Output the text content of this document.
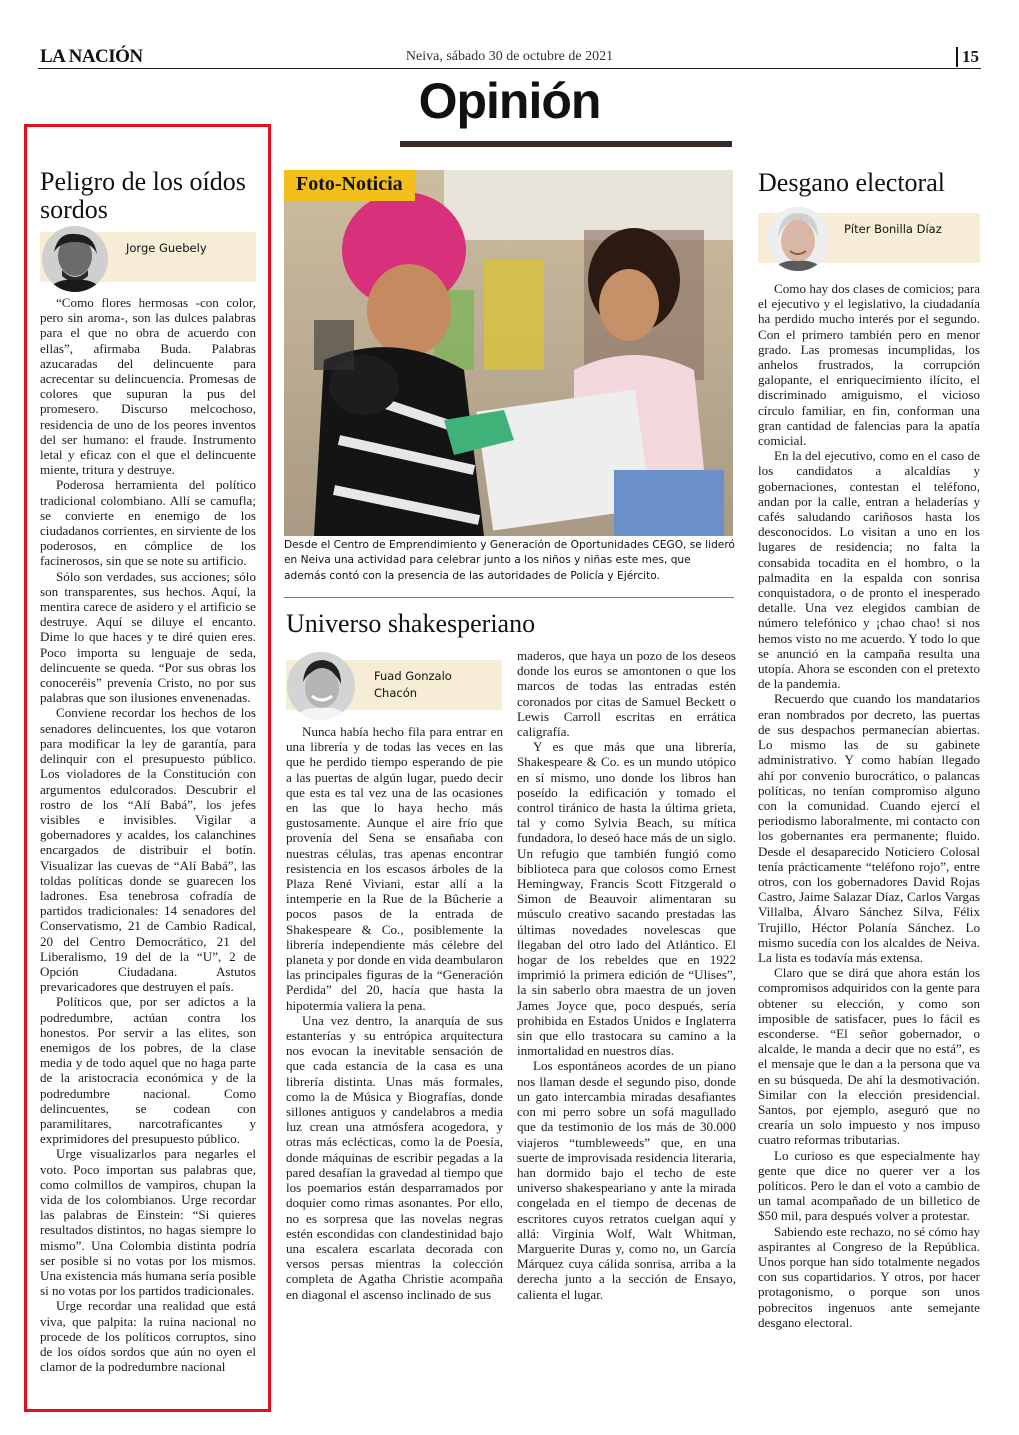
LA NACIÓN	Neiva, sábado 30 de octubre de 2021	15
Opinión
Peligro de los oídos sordos
Jorge Guebely

“Como flores hermosas -con color, pero sin aroma-, son las dulces palabras para el que no obra de acuerdo con ellas”, afirmaba Buda. Palabras azucaradas del delincuente para acrecentar su delincuencia. Promesas de colores que supuran la pus del promesero. Discurso melcochoso, residencia de uno de los peores inventos del ser humano: el fraude. Instrumento letal y eficaz con el que el delincuente miente, tritura y destruye.

Poderosa herramienta del político tradicional colombiano. Allí se camufla; se convierte en enemigo de los ciudadanos corrientes, en sirviente de los poderosos, en cómplice de los facinerosos, sin que se note su artificio.

Sólo son verdades, sus acciones; sólo son transparentes, sus hechos. Aquí, la mentira carece de asidero y el artificio se destruye. Aquí se diluye el encanto. Dime lo que haces y te diré quien eres. Poco importa su lenguaje de seda, delincuente se queda. “Por sus obras los conoceréis” prevenía Cristo, no por sus palabras que son ilusiones envenenadas.

Conviene recordar los hechos de los senadores delincuentes, los que votaron para modificar la ley de garantía, para delinquir con el presupuesto público. Los violadores de la Constitución con argumentos edulcorados. Descubrir el rostro de los “Alí Babá”, los jefes visibles e invisibles. Vigilar a gobernadores y acaldes, los calanchines encargados de distribuir el botín. Visualizar las cuevas de “Alí Babá”, las toldas políticas donde se guarecen los ladrones. Esa tenebrosa cofradía de partidos tradicionales: 14 senadores del Conservatismo, 21 de Cambio Radical, 20 del Centro Democrático, 21 del Liberalismo, 19 del de la “U”, 2 de Opción Ciudadana. Astutos prevaricadores que destruyen el país.

Políticos que, por ser adictos a la podredumbre, actúan contra los honestos. Por servir a las elites, son enemigos de los pobres, de la clase media y de todo aquel que no haga parte de la aristocracia económica y de la podredumbre nacional. Como delincuentes, se codean con paramilitares, narcotraficantes y exprimidores del presupuesto público.

Urge visualizarlos para negarles el voto. Poco importan sus palabras que, como colmillos de vampiros, chupan la vida de los colombianos. Urge recordar las palabras de Einstein: “Si quieres resultados distintos, no hagas siempre lo mismo”. Una Colombia distinta podría ser posible si no votas por los mismos. Una existencia más humana sería posible si no votas por los partidos tradicionales.

Urge recordar una realidad que está viva, que palpita: la ruina nacional no procede de los políticos corruptos, sino de los oídos sordos que aún no oyen el clamor de la podredumbre nacional

Foto-Noticia
Desde el Centro de Emprendimiento y Generación de Oportunidades CEGO, se lideró en Neiva una actividad para celebrar junto a los niños y niñas este mes, que además contó con la presencia de las autoridades de Policía y Ejército.
Universo shakesperiano
Fuad Gonzalo Chacón

Nunca había hecho fila para entrar en una librería y de todas las veces en las que he perdido tiempo esperando de pie a las puertas de algún lugar, puedo decir que esta es tal vez una de las ocasiones en las que lo haya hecho más gustosamente. Aunque el aire frío que provenía del Sena se ensañaba con nuestras células, tras apenas encontrar resistencia en los escasos árboles de la Plaza René Viviani, estar allí a la intemperie en la Rue de la Bûcherie a pocos pasos de la entrada de Shakespeare & Co., posiblemente la librería independiente más célebre del planeta y por donde en vida deambularon las principales figuras de la “Generación Perdida” del 20, hacía que hasta la hipotermia valiera la pena.

Una vez dentro, la anarquía de sus estanterías y su entrópica arquitectura nos evocan la inevitable sensación de que cada estancia de la casa es una librería distinta. Unas más formales, como la de Música y Biografías, donde sillones antiguos y candelabros a media luz crean una atmósfera acogedora, y otras más eclécticas, como la de Poesía, donde máquinas de escribir pegadas a la pared desafían la gravedad al tiempo que los poemarios están desparramados por doquier como rimas asonantes. Por ello, no es sorpresa que las novelas negras estén escondidas con clandestinidad bajo una escalera escarlata decorada con versos persas mientras la colección completa de Agatha Christie acompaña en diagonal el ascenso inclinado de sus

maderos, que haya un pozo de los deseos donde los euros se amontonen o que los marcos de todas las entradas estén coronados por citas de Samuel Beckett o Lewis Carroll escritas en errática caligrafía.

Y es que más que una librería, Shakespeare & Co. es un mundo utópico en sí mismo, uno donde los libros han poseído la edificación y tomado el control tiránico de hasta la última grieta, tal y como Sylvia Beach, su mítica fundadora, lo deseó hace más de un siglo. Un refugio que también fungió como biblioteca para que colosos como Ernest Hemingway, Francis Scott Fitzgerald o Simon de Beauvoir alimentaran su músculo creativo sacando prestadas las últimas novedades novelescas que llegaban del otro lado del Atlántico. El hogar de los rebeldes que en 1922 imprimió la primera edición de “Ulises”, la sin saberlo obra maestra de un joven James Joyce que, poco después, sería prohibida en Estados Unidos e Inglaterra sin que ello trastocara su camino a la inmortalidad en nuestros días.

Los espontáneos acordes de un piano nos llaman desde el segundo piso, donde un gato intercambia miradas desafiantes con mi perro sobre un sofá magullado que da testimonio de los más de 30.000 viajeros “tumbleweeds” que, en una suerte de improvisada residencia literaria, han dormido bajo el techo de este universo shakespeariano y ante la mirada congelada en el tiempo de decenas de escritores cuyos retratos cuelgan aquí y allá: Virginia Wolf, Walt Whitman, Marguerite Duras y, como no, un García Márquez cuya cálida sonrisa, arriba a la derecha junto a la sección de Ensayo, calienta el lugar.

Desgano electoral
Píter Bonilla Díaz

Como hay dos clases de comicios; para el ejecutivo y el legislativo, la ciudadanía ha perdido mucho interés por el segundo. Con el primero también pero en menor grado. Las promesas incumplidas, los anhelos frustrados, la corrupción galopante, el enriquecimiento ilícito, el discriminado amiguismo, el vicioso círculo familiar, en fin, conforman una gran cantidad de falencias para la apatía comicial.

En la del ejecutivo, como en el caso de los candidatos a alcaldías y gobernaciones, contestan el teléfono, andan por la calle, entran a heladerías y cafés saludando cariñosos hasta los desconocidos. Lo visitan a uno en los lugares de residencia; no falta la consabida tocadita en el hombro, o la palmadita en la espalda con sonrisa conquistadora, o de pronto el inesperado detalle. Una vez elegidos cambian de número telefónico y ¡chao chao! si nos hemos visto no me acuerdo. Y todo lo que se anunció en la campaña resulta una utopía. Ahora se esconden con el pretexto de la pandemia.

Recuerdo que cuando los mandatarios eran nombrados por decreto, las puertas de sus despachos permanecían abiertas. Lo mismo las de su gabinete administrativo. Y como habían llegado ahí por convenio burocrático, o palancas políticas, no tenían compromiso alguno con la comunidad. Cuando ejercí el periodismo laboralmente, mi contacto con los gobernantes era permanente; fluido. Desde el desaparecido Noticiero Colosal tenía prácticamente “teléfono rojo”, entre otros, con los gobernadores David Rojas Castro, Jaime Salazar Díaz, Carlos Vargas Villalba, Álvaro Sánchez Silva, Félix Trujillo, Héctor Polanía Sánchez. Lo mismo sucedía con los alcaldes de Neiva. La lista es todavía más extensa.

Claro que se dirá que ahora están los compromisos adquiridos con la gente para obtener su elección, y como son imposible de satisfacer, pues lo fácil es esconderse. “El señor gobernador, o alcalde, le manda a decir que no está”, es el mensaje que le dan a la persona que va en su búsqueda. De ahí la desmotivación. Similar con la elección presidencial. Santos, por ejemplo, aseguró que no crearía un solo impuesto y nos impuso cuatro reformas tributarias.

Lo curioso es que especialmente hay gente que dice no querer ver a los políticos. Pero le dan el voto a cambio de un tamal acompañado de un billetico de $50 mil, para después volver a protestar.

Sabiendo este rechazo, no sé cómo hay aspirantes al Congreso de la República. Unos porque han sido totalmente negados con sus copartidarios. Y otros, por hacer protagonismo, o porque son unos pobrecitos ingenuos ante semejante desgano electoral.
